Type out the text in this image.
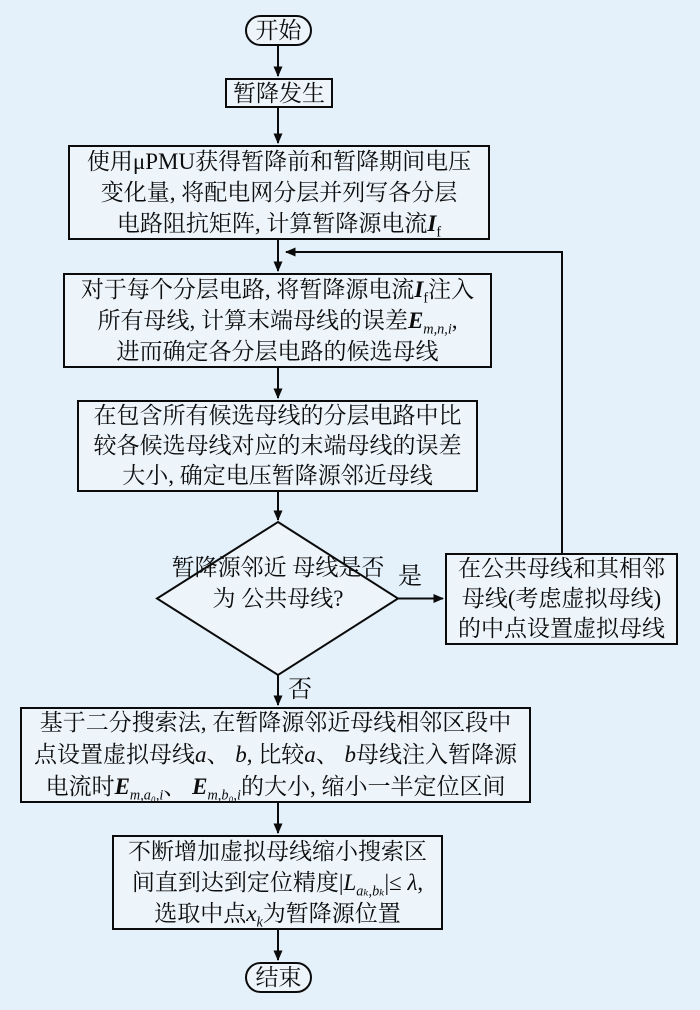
开始
暂降发生
使用μPMU获得暂降前和暂降期间电压
变化量, 将配电网分层并列写各分层
电路阻抗矩阵, 计算暂降源电流$I_f$
对于每个分层电路, 将暂降源电流$I_f$注入
所有母线, 计算末端母线的误差$E_{m,n,i}$,
进而确定各分层电路的候选母线
在包含所有候选母线的分层电路中比
较各候选母线对应的末端母线的误差
大小, 确定电压暂降源邻近母线
暂降源邻近 母线是否为 公共母线?
是
否
在公共母线和其相邻
母线(考虑虚拟母线)
的中点设置虚拟母线
基于二分搜索法, 在暂降源邻近母线相邻区段中
点设置虚拟母线a、 b, 比较a、 b母线注入暂降源
电流时$E_{m,a_0,i}$、 $E_{m,b_0,i}$的大小, 缩小一半定位区间
不断增加虚拟母线缩小搜索区
间直到达到定位精度$|L_{a_k,b_k}|\le \lambda$,
选取中点$x_k$为暂降源位置
结束
